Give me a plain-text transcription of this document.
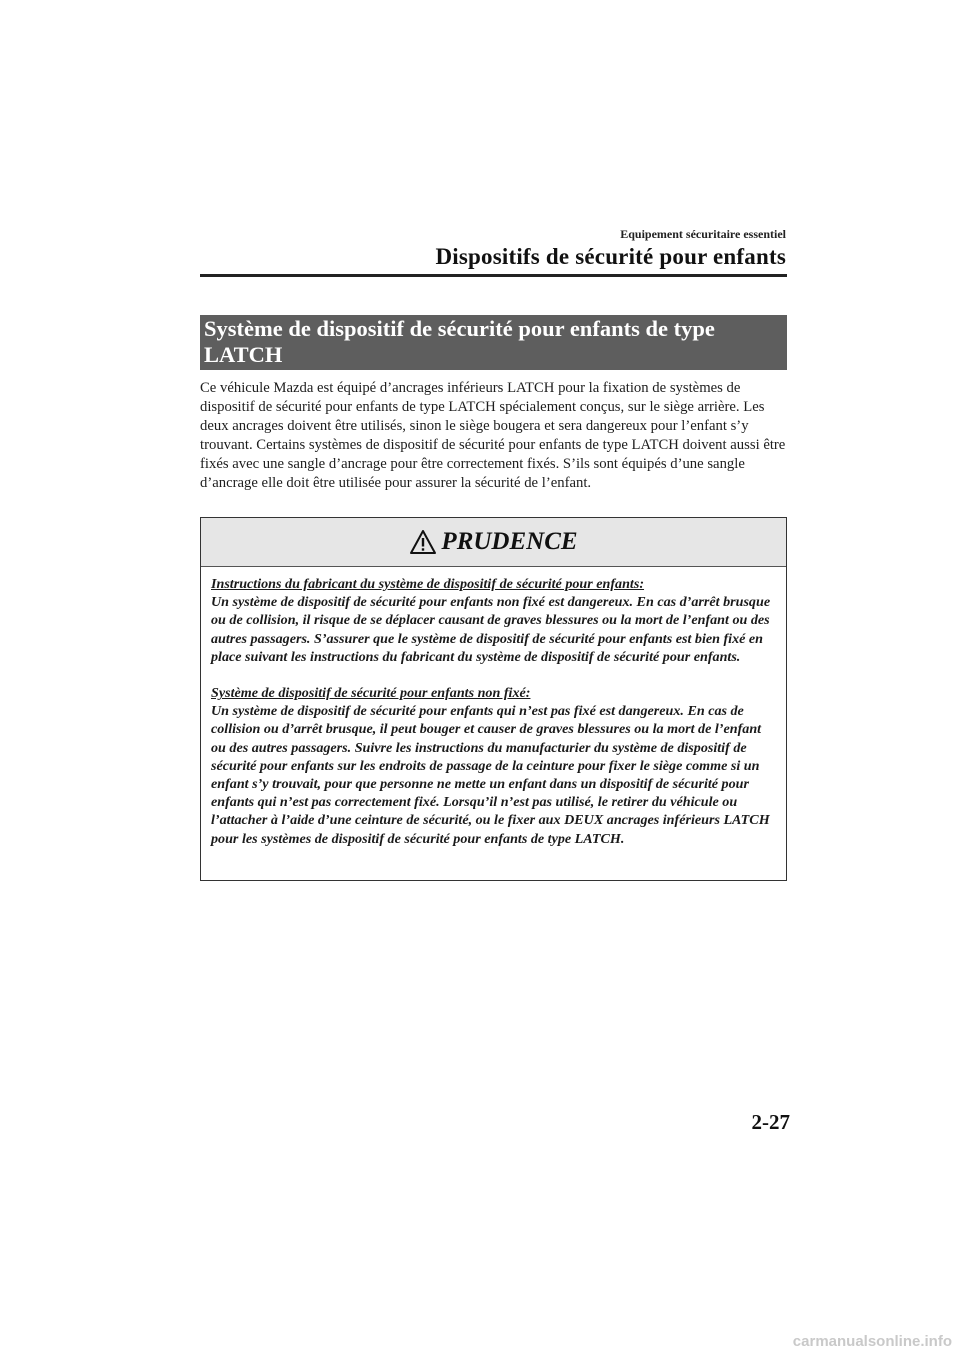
Equipement sécuritaire essentiel
Dispositifs de sécurité pour enfants
Système de dispositif de sécurité pour enfants de type LATCH

Ce véhicule Mazda est équipé d’ancrages inférieurs LATCH pour la fixation de systèmes de dispositif de sécurité pour enfants de type LATCH spécialement conçus, sur le siège arrière. Les deux ancrages doivent être utilisés, sinon le siège bougera et sera dangereux pour l’enfant s’y trouvant. Certains systèmes de dispositif de sécurité pour enfants de type LATCH doivent aussi être fixés avec une sangle d’ancrage pour être correctement fixés. S’ils sont équipés d’une sangle d’ancrage elle doit être utilisée pour assurer la sécurité de l’enfant.

PRUDENCE

Instructions du fabricant du système de dispositif de sécurité pour enfants:

Un système de dispositif de sécurité pour enfants non fixé est dangereux. En cas d’arrêt brusque ou de collision, il risque de se déplacer causant de graves blessures ou la mort de l’enfant ou des autres passagers. S’assurer que le système de dispositif de sécurité pour enfants est bien fixé en place suivant les instructions du fabricant du système de dispositif de sécurité pour enfants.

Système de dispositif de sécurité pour enfants non fixé:

Un système de dispositif de sécurité pour enfants qui n’est pas fixé est dangereux. En cas de collision ou d’arrêt brusque, il peut bouger et causer de graves blessures ou la mort de l’enfant ou des autres passagers. Suivre les instructions du manufacturier du système de dispositif de sécurité pour enfants sur les endroits de passage de la ceinture pour fixer le siège comme si un enfant s’y trouvait, pour que personne ne mette un enfant dans un dispositif de sécurité pour enfants qui n’est pas correctement fixé. Lorsqu’il n’est pas utilisé, le retirer du véhicule ou l’attacher à l’aide d’une ceinture de sécurité, ou le fixer aux DEUX ancrages inférieurs LATCH pour les systèmes de dispositif de sécurité pour enfants de type LATCH.

2-27
carmanualsonline.info
